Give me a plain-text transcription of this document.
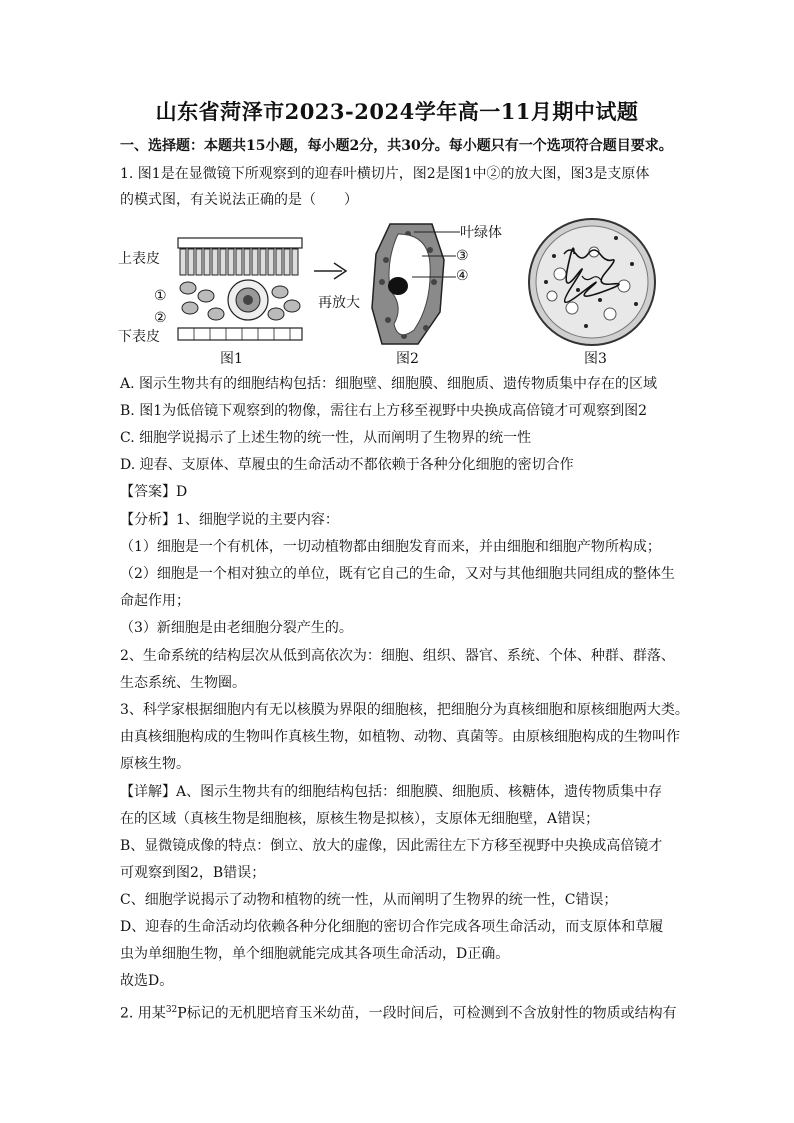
山东省菏泽市2023-2024学年高一11月期中试题
一、选择题：本题共15小题，每小题2分，共30分。每小题只有一个选项符合题目要求。
1. 图1是在显微镜下所观察到的迎春叶横切片，图2是图1中②的放大图，图3是支原体
的模式图，有关说法正确的是（　　）
上表皮
①
②
下表皮
图1
再放大
图2
叶绿体
③
④
图3
A. 图示生物共有的细胞结构包括：细胞壁、细胞膜、细胞质、遗传物质集中存在的区域
B. 图1为低倍镜下观察到的物像，需往右上方移至视野中央换成高倍镜才可观察到图2
C. 细胞学说揭示了上述生物的统一性，从而阐明了生物界的统一性
D. 迎春、支原体、草履虫的生命活动不都依赖于各种分化细胞的密切合作
【答案】D
【分析】1、细胞学说的主要内容：
（1）细胞是一个有机体，一切动植物都由细胞发育而来，并由细胞和细胞产物所构成；
（2）细胞是一个相对独立的单位，既有它自己的生命，又对与其他细胞共同组成的整体生
命起作用；
（3）新细胞是由老细胞分裂产生的。
2、生命系统的结构层次从低到高依次为：细胞、组织、器官、系统、个体、种群、群落、
生态系统、生物圈。
3、科学家根据细胞内有无以核膜为界限的细胞核，把细胞分为真核细胞和原核细胞两大类。
由真核细胞构成的生物叫作真核生物，如植物、动物、真菌等。由原核细胞构成的生物叫作
原核生物。
【详解】A、图示生物共有的细胞结构包括：细胞膜、细胞质、核糖体，遗传物质集中存
在的区域（真核生物是细胞核，原核生物是拟核），支原体无细胞壁，A错误；
B、显微镜成像的特点：倒立、放大的虚像，因此需往左下方移至视野中央换成高倍镜才
可观察到图2，B错误；
C、细胞学说揭示了动物和植物的统一性，从而阐明了生物界的统一性，C错误；
D、迎春的生命活动均依赖各种分化细胞的密切合作完成各项生命活动，而支原体和草履
虫为单细胞生物，单个细胞就能完成其各项生命活动，D正确。
故选D。
2. 用某$^{32}$P标记的无机肥培育玉米幼苗，一段时间后，可检测到不含放射性的物质或结构有
